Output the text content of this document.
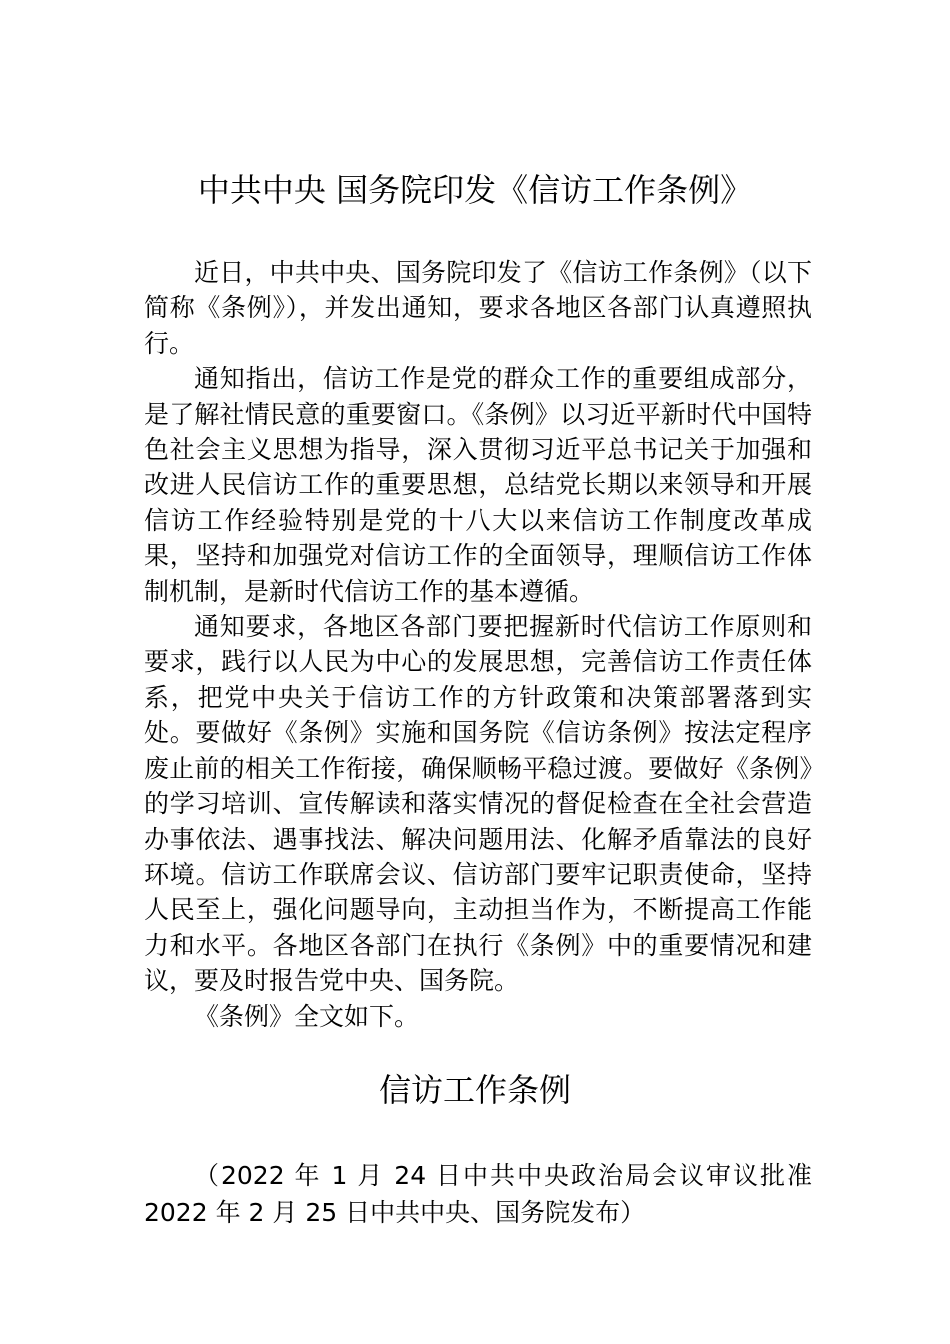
中共中央 国务院印发《信访工作条例》

近日，中共中央、国务院印发了《信访工作条例》（以下简称《条例》），并发出通知，要求各地区各部门认真遵照执行。

通知指出，信访工作是党的群众工作的重要组成部分，是了解社情民意的重要窗口。《条例》以习近平新时代中国特色社会主义思想为指导，深入贯彻习近平总书记关于加强和改进人民信访工作的重要思想，总结党长期以来领导和开展信访工作经验特别是党的十八大以来信访工作制度改革成果，坚持和加强党对信访工作的全面领导，理顺信访工作体制机制，是新时代信访工作的基本遵循。

通知要求，各地区各部门要把握新时代信访工作原则和要求，践行以人民为中心的发展思想，完善信访工作责任体系，把党中央关于信访工作的方针政策和决策部署落到实处。要做好《条例》实施和国务院《信访条例》按法定程序废止前的相关工作衔接，确保顺畅平稳过渡。要做好《条例》的学习培训、宣传解读和落实情况的督促检查在全社会营造办事依法、遇事找法、解决问题用法、化解矛盾靠法的良好环境。信访工作联席会议、信访部门要牢记职责使命，坚持人民至上，强化问题导向，主动担当作为，不断提高工作能力和水平。各地区各部门在执行《条例》中的重要情况和建议，要及时报告党中央、国务院。

《条例》全文如下。

信访工作条例

（2022 年 1 月 24 日中共中央政治局会议审议批准 2022 年 2 月 25 日中共中央、国务院发布）
